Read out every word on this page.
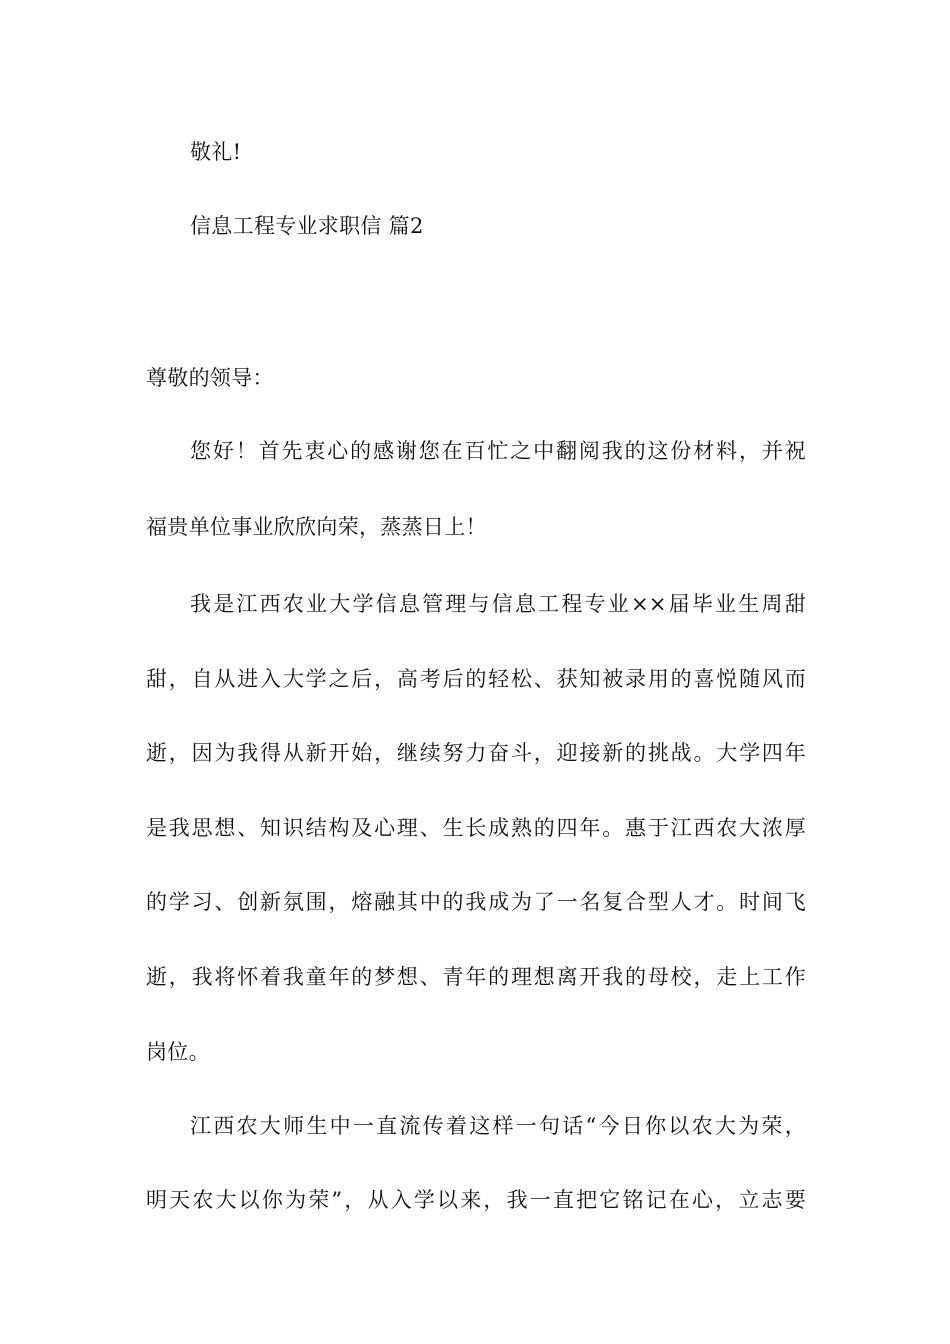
敬礼!
信息工程专业求职信 篇2
尊敬的领导：
您好！首先衷心的感谢您在百忙之中翻阅我的这份材料，并祝
福贵单位事业欣欣向荣，蒸蒸日上！
我是江西农业大学信息管理与信息工程专业××届毕业生周甜
甜，自从进入大学之后，高考后的轻松、获知被录用的喜悦随风而
逝，因为我得从新开始，继续努力奋斗，迎接新的挑战。大学四年
是我思想、知识结构及心理、生长成熟的四年。惠于江西农大浓厚
的学习、创新氛围，熔融其中的我成为了一名复合型人才。时间飞
逝，我将怀着我童年的梦想、青年的理想离开我的母校，走上工作
岗位。
江西农大师生中一直流传着这样一句话“今日你以农大为荣，
明天农大以你为荣”，从入学以来，我一直把它铭记在心，立志要
